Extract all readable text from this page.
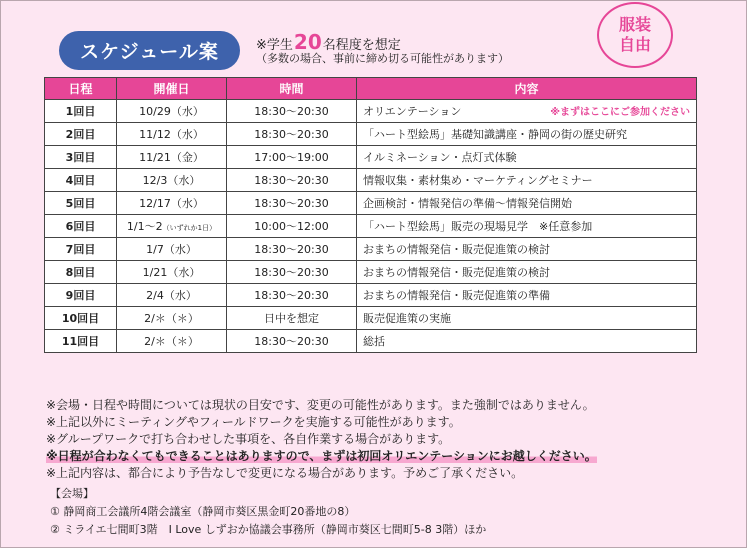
スケジュール案	※学生20名程度を想定
（多数の場合、事前に締め切る可能性があります）
服装
自由
日程	開催日	時間	内容
1回目	10/29（水）	18:30〜20:30	オリエンテーション ※まずはここにご参加ください

2回目	11/12（水）	18:30〜20:30	「ハート型絵馬」基礎知識講座・静岡の街の歴史研究
3回目	11/21（金）	17:00〜19:00	イルミネーション・点灯式体験
4回目	12/3（水）	18:30〜20:30	情報収集・素材集め・マーケティングセミナー
5回目	12/17（水）	18:30〜20:30	企画検討・情報発信の準備〜情報発信開始
6回目	1/1〜2（いずれか1日）	10:00〜12:00	「ハート型絵馬」販売の現場見学　※任意参加
7回目	1/7（水）	18:30〜20:30	おまちの情報発信・販売促進策の検討
8回目	1/21（水）	18:30〜20:30	おまちの情報発信・販売促進策の検討
9回目	2/4（水）	18:30〜20:30	おまちの情報発信・販売促進策の準備
10回目	2/＊（＊）	日中を想定	販売促進策の実施
11回目	2/＊（＊）	18:30〜20:30	総括
※会場・日程や時間については現状の目安です、変更の可能性があります。また強制ではありません。
※上記以外にミーティングやフィールドワークを実施する可能性があります。
※グループワークで打ち合わせした事項を、各自作業する場合があります。
※日程が合わなくてもできることはありますので、まずは初回オリエンテーションにお越しください。
※上記内容は、都合により予告なしで変更になる場合があります。予めご了承ください。
【会場】
① 静岡商工会議所4階会議室（静岡市葵区黒金町20番地の8）
② ミライエ七間町3階　I Love しずおか協議会事務所（静岡市葵区七間町5-8 3階）ほか
